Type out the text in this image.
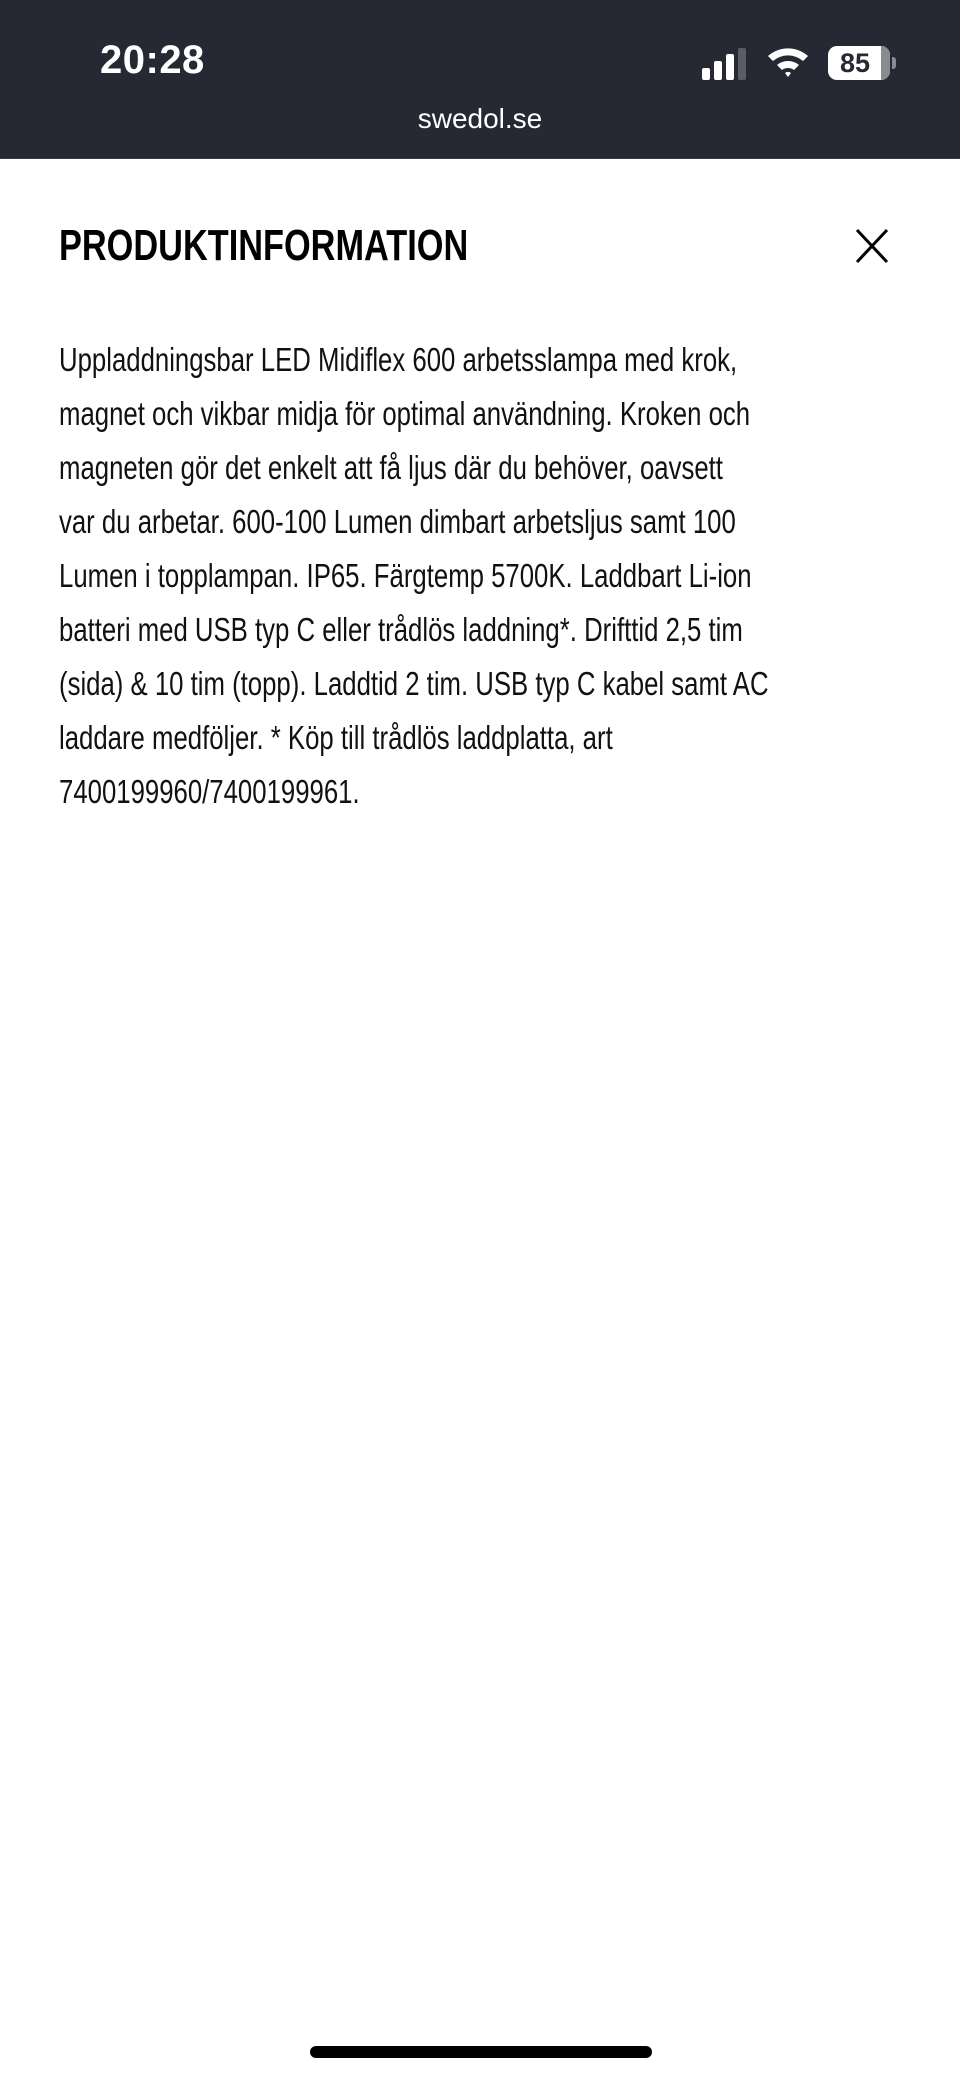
20:28	85
swedol.se
PRODUKTINFORMATION

Uppladdningsbar LED Midiflex 600 arbetsslampa med krok,
magnet och vikbar midja för optimal användning. Kroken och
magneten gör det enkelt att få ljus där du behöver, oavsett
var du arbetar. 600-100 Lumen dimbart arbetsljus samt 100
Lumen i topplampan. IP65. Färgtemp 5700K. Laddbart Li-ion
batteri med USB typ C eller trådlös laddning*. Drifttid 2,5 tim
(sida) & 10 tim (topp). Laddtid 2 tim. USB typ C kabel samt AC
laddare medföljer. * Köp till trådlös laddplatta, art
7400199960/7400199961.
